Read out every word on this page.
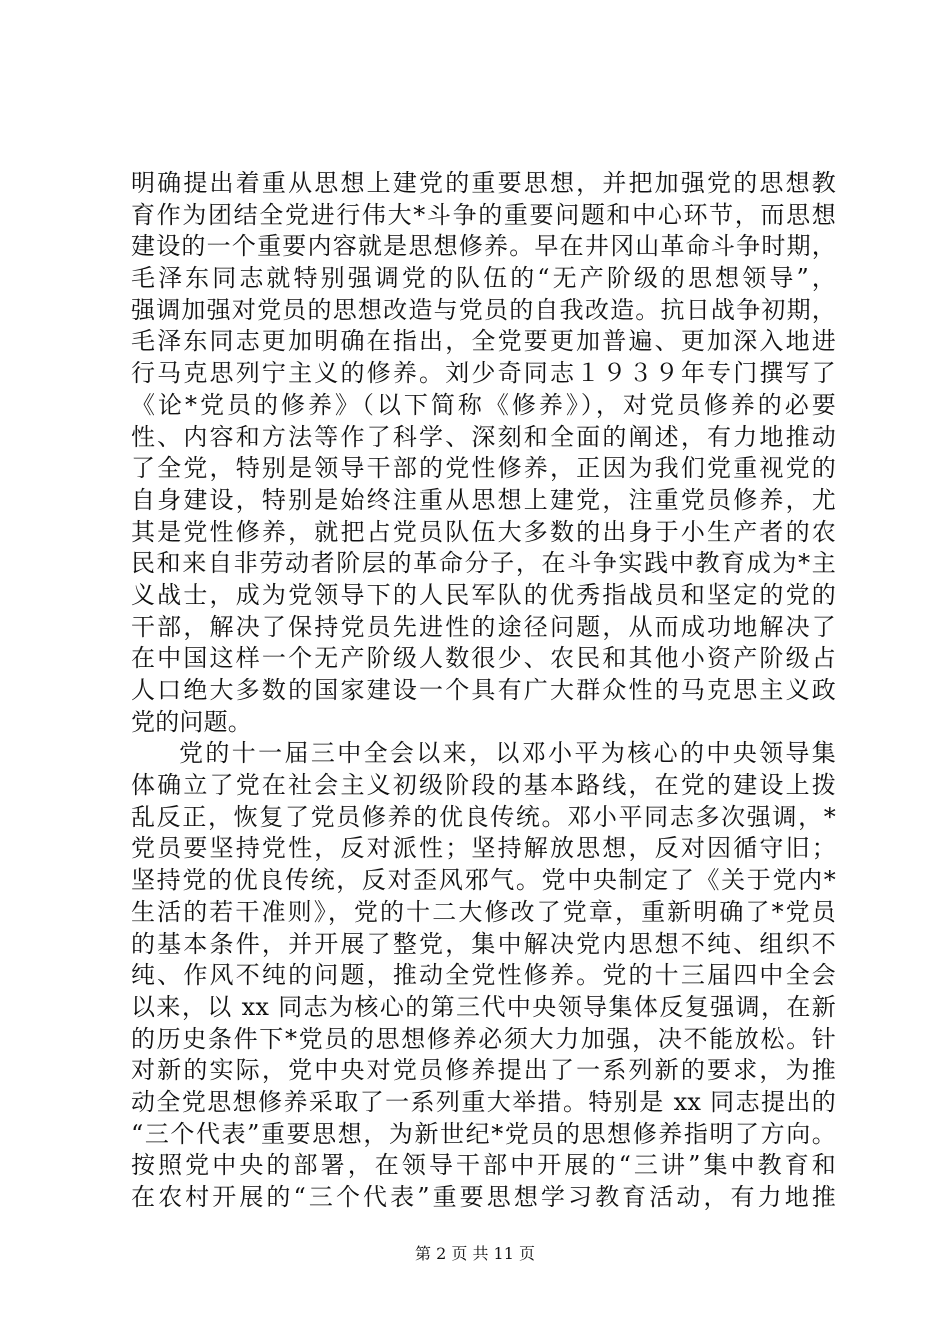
明确提出着重从思想上建党的重要思想，并把加强党的思想教
育作为团结全党进行伟大*斗争的重要问题和中心环节，而思想
建设的一个重要内容就是思想修养。早在井冈山革命斗争时期，
毛泽东同志就特别强调党的队伍的“无产阶级的思想领导”，
强调加强对党员的思想改造与党员的自我改造。抗日战争初期，
毛泽东同志更加明确在指出，全党要更加普遍、更加深入地进
行马克思列宁主义的修养。刘少奇同志１９３９年专门撰写了
《论*党员的修养》（以下简称《修养》），对党员修养的必要
性、内容和方法等作了科学、深刻和全面的阐述，有力地推动
了全党，特别是领导干部的党性修养，正因为我们党重视党的
自身建设，特别是始终注重从思想上建党，注重党员修养，尤
其是党性修养，就把占党员队伍大多数的出身于小生产者的农
民和来自非劳动者阶层的革命分子，在斗争实践中教育成为*主
义战士，成为党领导下的人民军队的优秀指战员和坚定的党的
干部，解决了保持党员先进性的途径问题，从而成功地解决了
在中国这样一个无产阶级人数很少、农民和其他小资产阶级占
人口绝大多数的国家建设一个具有广大群众性的马克思主义政
党的问题。
党的十一届三中全会以来，以邓小平为核心的中央领导集
体确立了党在社会主义初级阶段的基本路线，在党的建设上拨
乱反正，恢复了党员修养的优良传统。邓小平同志多次强调，*
党员要坚持党性，反对派性；坚持解放思想，反对因循守旧；
坚持党的优良传统，反对歪风邪气。党中央制定了《关于党内*
生活的若干准则》，党的十二大修改了党章，重新明确了*党员
的基本条件，并开展了整党，集中解决党内思想不纯、组织不
纯、作风不纯的问题，推动全党性修养。党的十三届四中全会
以来，以 xx 同志为核心的第三代中央领导集体反复强调，在新
的历史条件下*党员的思想修养必须大力加强，决不能放松。针
对新的实际，党中央对党员修养提出了一系列新的要求，为推
动全党思想修养采取了一系列重大举措。特别是 xx 同志提出的
“三个代表”重要思想，为新世纪*党员的思想修养指明了方向。
按照党中央的部署，在领导干部中开展的“三讲”集中教育和
在农村开展的“三个代表”重要思想学习教育活动，有力地推
第 2 页 共 11 页
